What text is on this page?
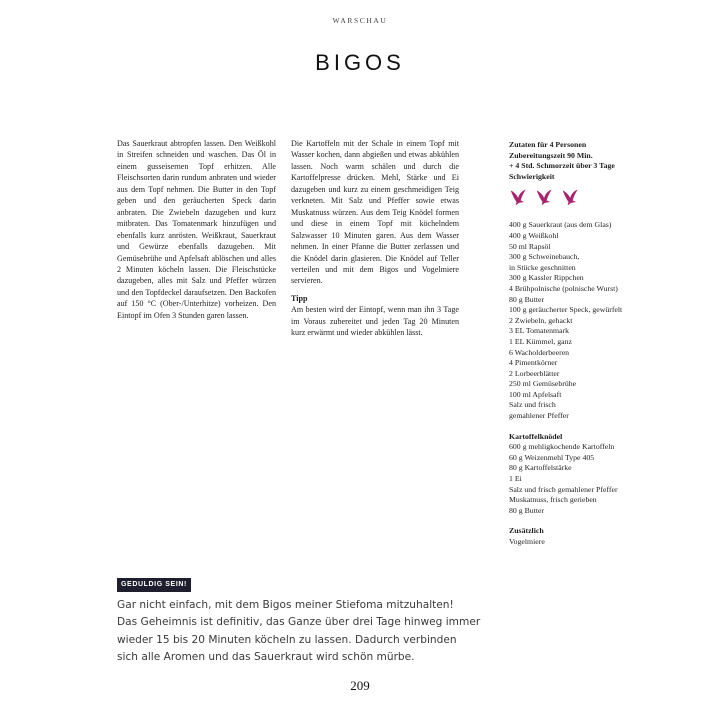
WARSCHAU
BIGOS

Das Sauerkraut abtropfen lassen. Den Weißkohl in Streifen schneiden und waschen. Das Öl in einem gusseisernen Topf erhitzen. Alle Fleischsorten darin rundum anbraten und wieder aus dem Topf nehmen. Die Butter in den Topf geben und den geräucherten Speck darin anbraten. Die Zwiebeln dazugeben und kurz mitbraten. Das Tomatenmark hinzufügen und ebenfalls kurz anrösten. Weißkraut, Sauerkraut und Gewürze ebenfalls dazugeben. Mit Gemüsebrühe und Apfelsaft ablöschen und alles 2 Minuten köcheln lassen. Die Fleischstücke dazugeben, alles mit Salz und Pfeffer würzen und den Topfdeckel daraufsetzen. Den Backofen auf 150 °C (Ober-/Unterhitze) vorheizen. Den Eintopf im Ofen 3 Stunden garen lassen.

Die Kartoffeln mit der Schale in einem Topf mit Wasser kochen, dann abgießen und etwas abkühlen lassen. Noch warm schälen und durch die Kartoffelpresse drücken. Mehl, Stärke und Ei dazugeben und kurz zu einem geschmeidigen Teig verkneten. Mit Salz und Pfeffer sowie etwas Muskatnuss würzen. Aus dem Teig Knödel formen und diese in einem Topf mit köchelndem Salzwasser 10 Minuten garen. Aus dem Wasser nehmen. In einer Pfanne die Butter zerlassen und die Knödel darin glasieren. Die Knödel auf Teller verteilen und mit dem Bigos und Vogelmiere servieren.

Tipp

Am besten wird der Eintopf, wenn man ihn 3 Tage im Voraus zubereitet und jeden Tag 20 Minuten kurz erwärmt und wieder abkühlen lässt.

Zutaten für 4 Personen
Zubereitungszeit 90 Min.
+ 4 Std. Schmorzeit über 3 Tage
Schwierigkeit
400 g Sauerkraut (aus dem Glas)
400 g Weißkohl
50 ml Rapsöl
300 g Schweinebauch,
in Stücke geschnitten
300 g Kassler Rippchen
4 Brühpolnische (polnische Wurst)
80 g Butter
100 g geräucherter Speck, gewürfelt
2 Zwiebeln, gehackt
3 EL Tomatenmark
1 EL Kümmel, ganz
6 Wacholderbeeren
4 Pimentkörner
2 Lorbeerblätter
250 ml Gemüsebrühe
100 ml Apfelsaft
Salz und frisch
gemahlener Pfeffer
Kartoffelknödel
600 g mehligkochende Kartoffeln
60 g Weizenmehl Type 405
80 g Kartoffelstärke
1 Ei
Salz und frisch gemahlener Pfeffer
Muskatnuss, frisch gerieben
80 g Butter
Zusätzlich
Vogelmiere
GEDULDIG SEIN!
Gar nicht einfach, mit dem Bigos meiner Stiefoma mitzuhalten!
Das Geheimnis ist definitiv, das Ganze über drei Tage hinweg immer
wieder 15 bis 20 Minuten köcheln zu lassen. Dadurch verbinden
sich alle Aromen und das Sauerkraut wird schön mürbe.
209
